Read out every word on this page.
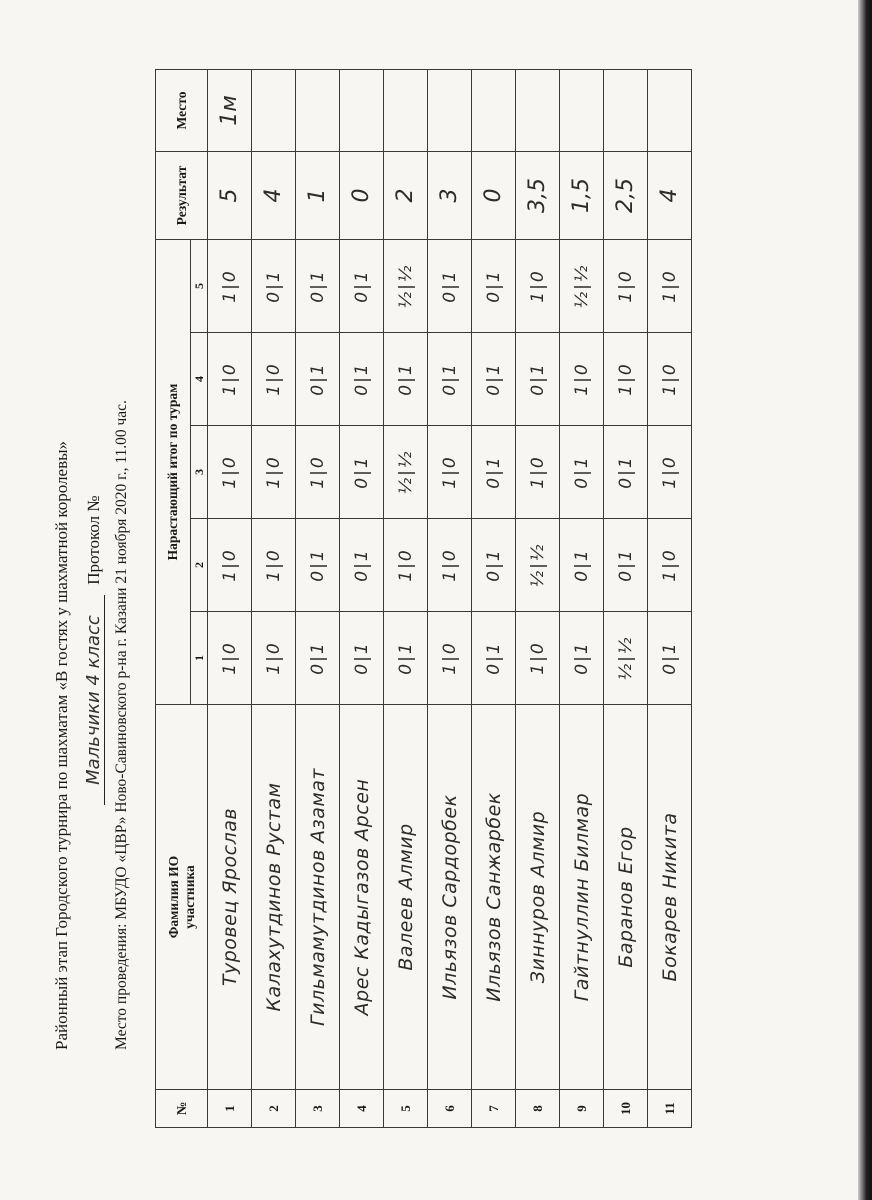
Районный этап Городского турнира по шахматам «В гостях у шахматной королевы» Мальчики 4 класс Протокол № Место проведения: МБУДО «ЦВР» Ново-Савиновского р-на г. Казани 21 ноября 2020 г., 11.00 час.
№	Фамилия ИО участника	Нарастающий итог по турам					Результат	Место
		1	2	3	4	5		
1	Туровец Ярослав	1|0	1|0	1|0	1|0	1|0	5	1м
2	Калахутдинов Рустам	1|0	1|0	1|0	1|0	0|1	4	
3	Гильмамутдинов Азамат	0|1	0|1	1|0	0|1	0|1	1	
4	Арес Кадыгазов Арсен	0|1	0|1	0|1	0|1	0|1	0	
5	Валеев Алмир	0|1	1|0	½|½	0|1	½|½	2	
6	Ильязов Сардорбек	1|0	1|0	1|0	0|1	0|1	3	
7	Ильязов Санжарбек	0|1	0|1	0|1	0|1	0|1	0	
8	Зиннуров Алмир	1|0	½|½	1|0	0|1	1|0	3,5	
9	Гайтнуллин Билмар	0|1	0|1	0|1	1|0	½|½	1,5	
10	Баранов Егор	½|½	0|1	0|1	1|0	1|0	2,5	
11	Бокарев Никита	0|1	1|0	1|0	1|0	1|0	4	
